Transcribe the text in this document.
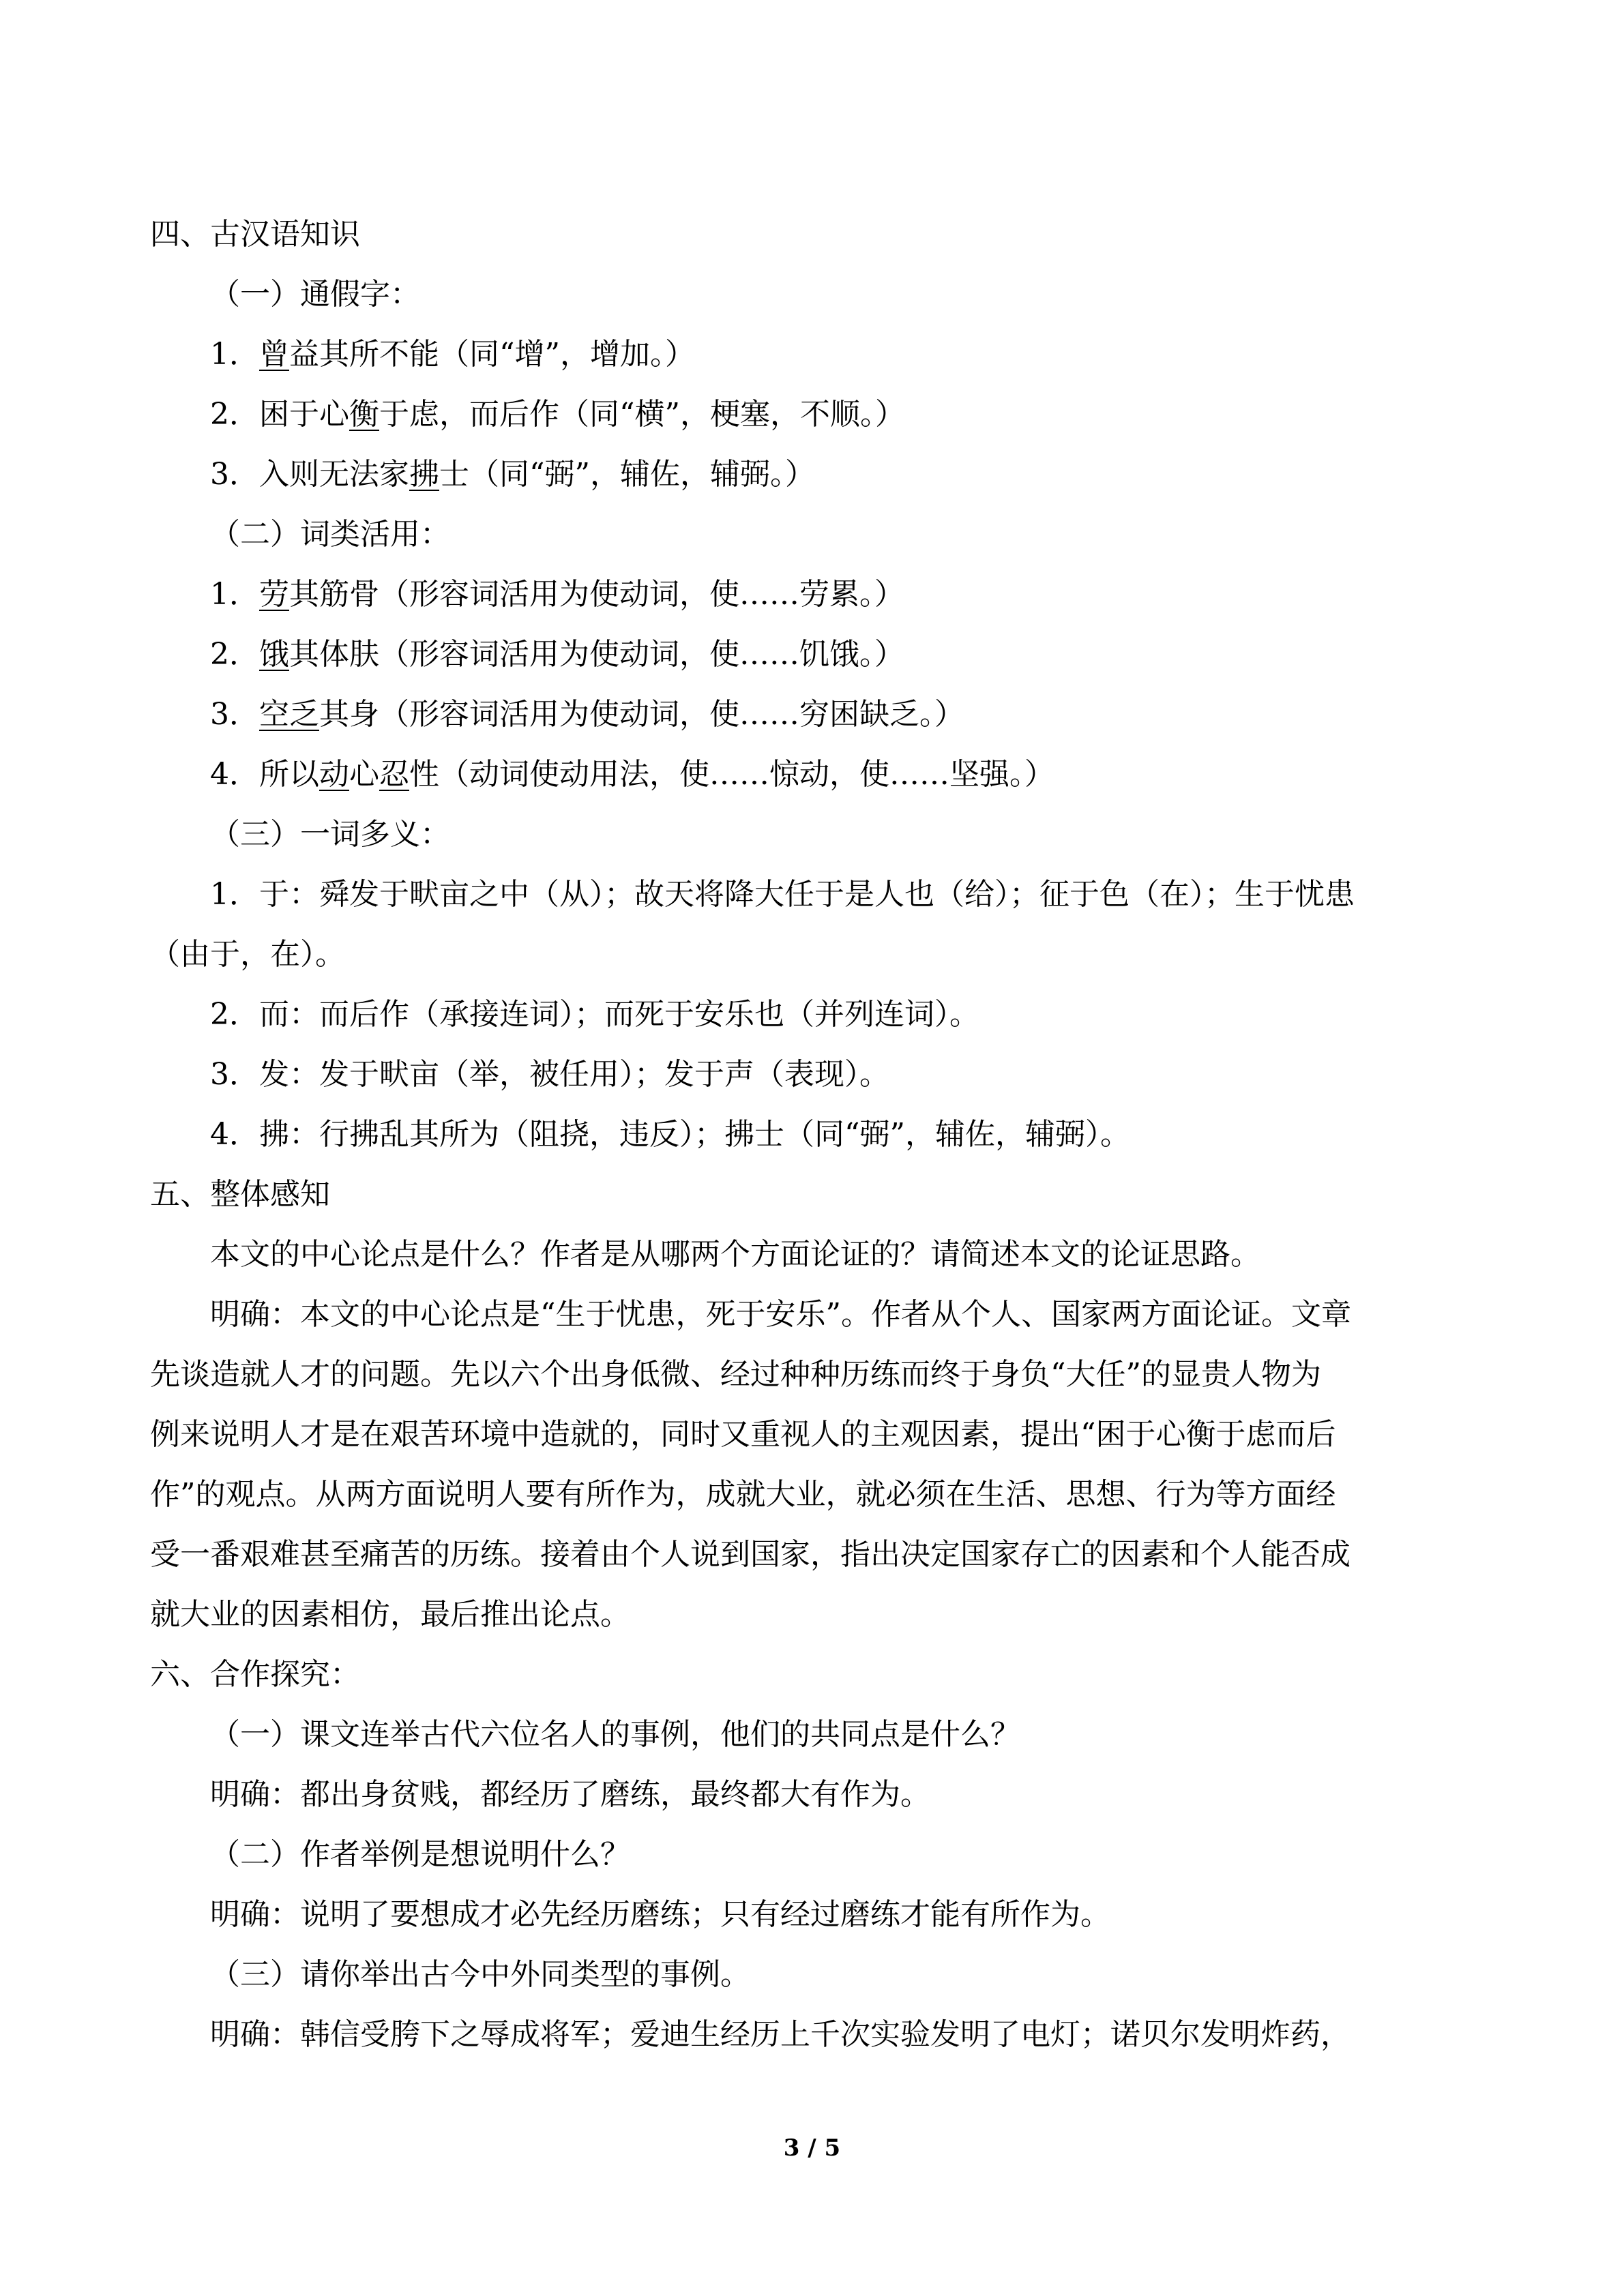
四、古汉语知识
（一）通假字：
1．曾益其所不能（同“增”，增加。）
2．困于心衡于虑，而后作（同“横”，梗塞，不顺。）
3．入则无法家拂士（同“弼”，辅佐，辅弼。）
（二）词类活用：
1．劳其筋骨（形容词活用为使动词，使……劳累。）
2．饿其体肤（形容词活用为使动词，使……饥饿。）
3．空乏其身（形容词活用为使动词，使……穷困缺乏。）
4．所以动心忍性（动词使动用法，使……惊动，使……坚强。）
（三）一词多义：
1．于：舜发于畎亩之中（从）；故天将降大任于是人也（给）；征于色（在）；生于忧患
（由于，在）。
2．而：而后作（承接连词）；而死于安乐也（并列连词）。
3．发：发于畎亩（举，被任用）；发于声（表现）。
4．拂：行拂乱其所为（阻挠，违反）；拂士（同“弼”，辅佐，辅弼）。
五、整体感知
本文的中心论点是什么？作者是从哪两个方面论证的？请简述本文的论证思路。
明确：本文的中心论点是“生于忧患，死于安乐”。作者从个人、国家两方面论证。文章
先谈造就人才的问题。先以六个出身低微、经过种种历练而终于身负“大任”的显贵人物为
例来说明人才是在艰苦环境中造就的，同时又重视人的主观因素，提出“困于心衡于虑而后
作”的观点。从两方面说明人要有所作为，成就大业，就必须在生活、思想、行为等方面经
受一番艰难甚至痛苦的历练。接着由个人说到国家，指出决定国家存亡的因素和个人能否成
就大业的因素相仿，最后推出论点。
六、合作探究：
（一）课文连举古代六位名人的事例，他们的共同点是什么？
明确：都出身贫贱，都经历了磨练，最终都大有作为。
（二）作者举例是想说明什么？
明确：说明了要想成才必先经历磨练；只有经过磨练才能有所作为。
（三）请你举出古今中外同类型的事例。
明确：韩信受胯下之辱成将军；爱迪生经历上千次实验发明了电灯；诺贝尔发明炸药，
3 / 5
